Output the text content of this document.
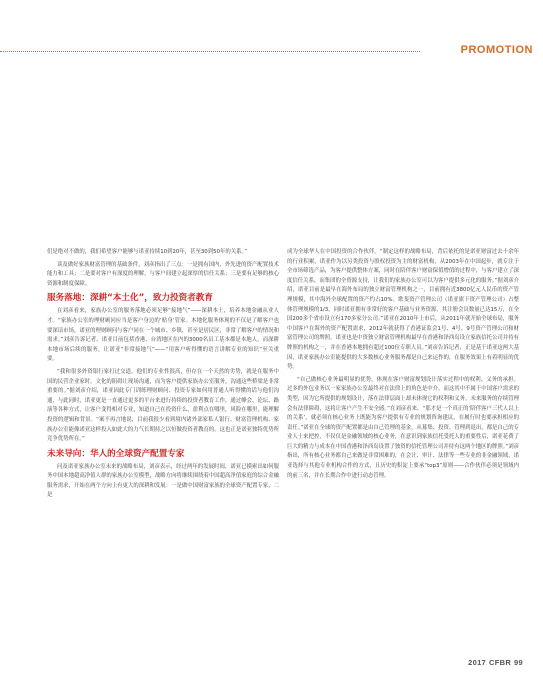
PROMOTION

们是绝对不做的，我们希望客户能够与诺亚持续10到20年，甚至30到50年的关系。”

谈及做好家族财富管理的基础条件，刘彦指出了三点：一是拥有国内、外先进的资产配置技术能力和工具；二是要对客户有深度的理解，与客户间建立起深厚的信任关系；三是要有足够的核心资源和制度保障。

服务落地：深耕“本土化”，致力投资者教育

在刘彦看来，家族办公室的服务落地必须足够“接地气”——深耕本土，培养本地金融从业人才。“家族办公室的理财顾问应当是客户身边的‘贴身’管家。本地化服务体现的不仅是了解客户也要深谙市场，诺亚的理财顾问与客户同在一个城市、乡镇，甚至是居民区，非常了解客户的情况和需求。”刘彦告诉记者，诺亚目前包括香港、台湾地区在内的3000名员工基本都是本地人，而深耕本地市场后续的服务，让诺亚“非常接地气”——“用客户听得懂的语言讲解专业的知识”至关重要。

“我和很多外资银行家打过交道，他们的专业性很高，但存在一个天然的劣势，就是在服务中国的民营企业家时，文化的阻碍让现场沟通，而为客户提供家族办公室服务，沟通这些桥梁是非常重要的。”据刘彦介绍，诺亚因此专门训练理财顾问、投资专家如何用普通人听得懂的话与他们沟通，与此同时，诺亚更是一直通过更多的平台来进行持续的投资者教育工作，通过峰会、论坛、路演等各种方式，让客户变得相对专业，知道自己在投资什么，盈利点在哪里，风险在哪里，能理解投资的逻辑和背景。“案不再言地说，目前我很少看到境内诸外部家私人银行、财富管理机构、家族办公室能像诺亚这样投入如此大的力气长期持之以恒做投资者教育的。这也正是诺亚独特优势所竞争优势所在。”

未来导向：华人的全球资产配置专家

问及诺亚家族办公室未来的战略布局，刘彦表示，经过两年的发展时间，诺亚已摸索出如何服务中国本地超高净值人群的家族办公室模型，战略方向将继续围绕着中国超高净值家庭的综合金融服务需求，开始在两个方向上有更大的深耕和发展：一是做中国财富家族的全球资产配置专家，二是

成为全球华人在中国投资的合作伙伴。“制定这样的战略布局，背后依托的是诺亚财富过去十余年的行业积累，诺亚作为以另类投资与股权投资为主的财富机构，从2003年在中国起步，就专注于全市场筛选产品，为客户提供整体方案，同时在陪伴客户财富保值增值的过程中，与客户建立了深度信任关系，而集团的全资源支持，让我们的家族办公室可以为客户提供多元化的服务。”据刘彦介绍，诺亚目前是最早在海外布局的独立财富管理机构之一，目前拥有近3800亿元人民币的资产管理规模，其中海外全球配置的资产约占10%。歌斐资产管理公司（诺亚旗下资产管理公司）占整体管理规模的1/3，同时诺亚拥有非常好的客户基础与业务资源，其注册会员数量已达15万，在全国200多个省市设立有170多家分公司。”诺亚在2010年上市后，从2011年就开始全球布局，服务中国客户在海外的资产配置需求，2012年就获得了香港证监会1号、4号、9号资产管理公司和财富管理公司的牌照。诺亚也是中资独立财富管理机构最早在香港和泽西岛设立家族信托公司并持有牌照的机构之一，并在香港本地拥有超过100位专职人员。”刘彦告诉记者，正是基于诺亚这两大基因，诺亚家族办公室能提供的大多数核心业务服务都是自己来运作的，在服务效果上有着明显的优势。

“自己做核心业务最明显的优势，体现在客户财富规划设计落实过程中的权利、义务的承担。过多的外包业务以一家家族办公室最终对在法律上的角色是中介，而这其中不属于中国客户需求的类型，因为它所提供的规划设计，落在法律层面上却未体现它的权利和义务。未来服务的存续管理会有法律障碍，这将让客户产生不安全感。”在刘彦看来，“那才是一个真正的‘陪伴客户三代人以上的关系’，就必须在核心业务上既能为客户提供有专业的规划咨询建议，在履行时也要承担相应的责任。”诺亚在全球的资产配置都是由自己管理的基金，从募集、投资、管理到退出，都是自己的专业人士来把控，不仅仅是金融领域的核心业务，在意识到家族信托受托人的重要性后，诺亚花费了巨大的精力与成本在中国香港和泽西岛设置了独资的信托管理公司并持有这两个地区的牌照。”刘彦指出，所有核心业务都自己来做是非常困难的，在会计、审计、法律等一些专业的非金融领域，诺亚选择与其他专业机构合作的方式，且历史的积淀上要承“top3”原则——合作伙伴必须是领域内的前三名，并在长期合作中进行动态管理。

2017 CFBR 99
